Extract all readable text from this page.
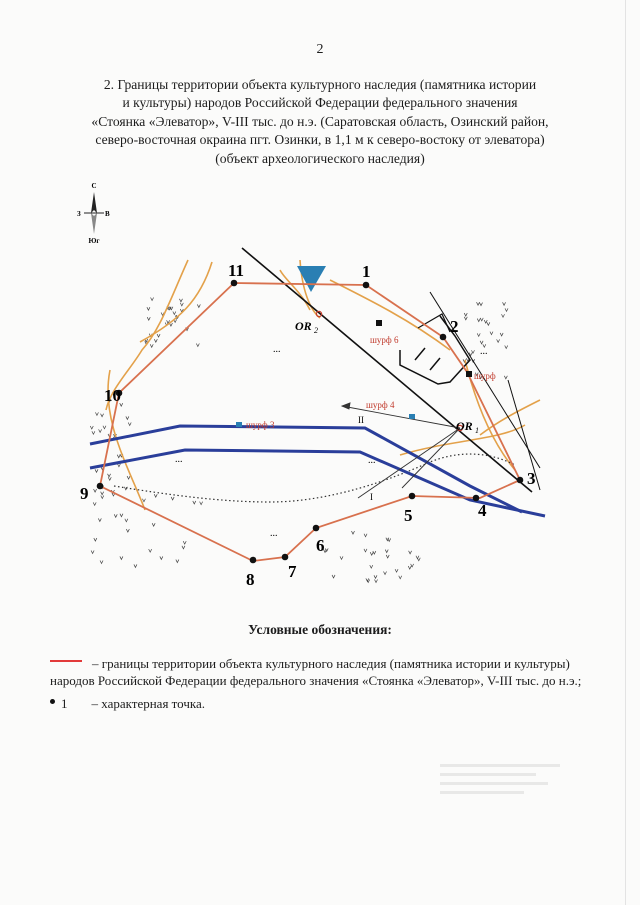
2
2. Границы территории объекта культурного наследия (памятника истории
и культуры) народов Российской Федерации федерального значения
«Стоянка «Элеватор», V-III тыс. до н.э. (Саратовская область, Озинский район,
северо-восточная окраина пгт. Озинки, в 1,1 м к северо-востоку от элеватора)
(объект археологического наследия)
С
З	В
Юг
OR 2
OR 1
шурф 6
шурф 4
шурф 3
шурф
II
I
...
...	...
...
...
1
2
3
4
5
6
7
8
9
10
11
Условные обозначения:
– границы территории объекта культурного наследия (памятника истории и культуры) народов Российской Федерации федерального значения «Стоянка «Элеватор», V-III тыс. до н.э.;
1 – характерная точка.
